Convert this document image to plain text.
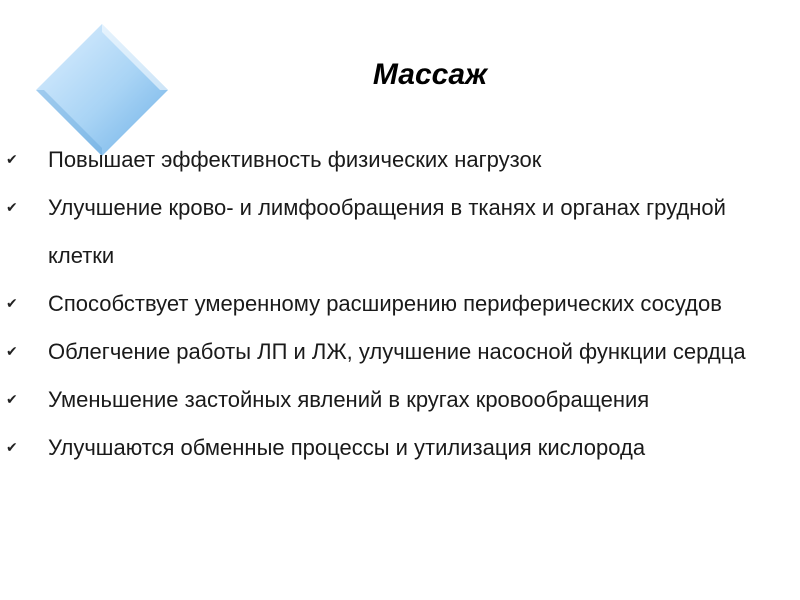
Массаж
✔	Повышает эффективность физических нагрузок
✔	Улучшение крово- и лимфообращения в тканях и органах грудной клетки
✔	Способствует умеренному расширению периферических сосудов
✔	Облегчение работы ЛП и ЛЖ, улучшение насосной функции сердца
✔	Уменьшение застойных явлений в кругах кровообращения
✔	Улучшаются обменные процессы и утилизация кислорода
